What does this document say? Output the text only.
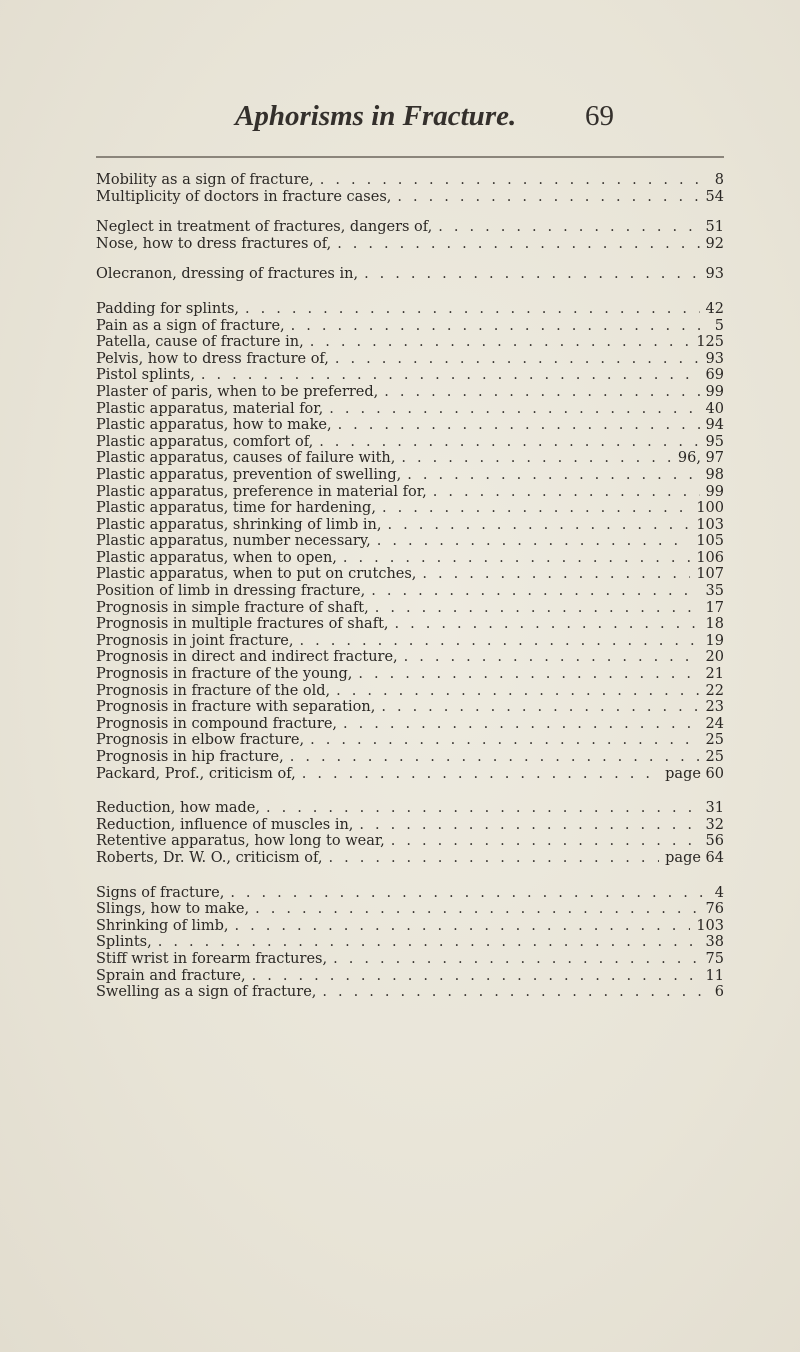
Aphorisms in Fracture. 69
Mobility as a sign of fracture, . . .	8
Multiplicity of doctors in fracture cases, . . .	54
Neglect in treatment of fractures, dangers of, . . .	51
Nose, how to dress fractures of, . . .	92
Olecranon, dressing of fractures in, . . .	93
Padding for splints, . . .	42
Pain as a sign of fracture, . . .	5
Patella, cause of fracture in, . . .	125
Pelvis, how to dress fracture of, . . .	93
Pistol splints, . . .	69
Plaster of paris, when to be preferred, . . .	99
Plastic apparatus, material for, . . .	40
Plastic apparatus, how to make, . . .	94
Plastic apparatus, comfort of, . . .	95
Plastic apparatus, causes of failure with, . . .	96, 97
Plastic apparatus, prevention of swelling, . . .	98
Plastic apparatus, preference in material for, . . .	99
Plastic apparatus, time for hardening, . . .	100
Plastic apparatus, shrinking of limb in, . . .	103
Plastic apparatus, number necessary, . . .	105
Plastic apparatus, when to open, . . .	106
Plastic apparatus, when to put on crutches, . . .	107
Position of limb in dressing fracture, . . .	35
Prognosis in simple fracture of shaft, . . .	17
Prognosis in multiple fractures of shaft, . . .	18
Prognosis in joint fracture, . . .	19
Prognosis in direct and indirect fracture, . . .	20
Prognosis in fracture of the young, . . .	21
Prognosis in fracture of the old, . . .	22
Prognosis in fracture with separation, . . .	23
Prognosis in compound fracture, . . .	24
Prognosis in elbow fracture, . . .	25
Prognosis in hip fracture, . . .	25
Packard, Prof., criticism of, . . .	page 60
Reduction, how made, . . .	31
Reduction, influence of muscles in, . . .	32
Retentive apparatus, how long to wear, . . .	56
Roberts, Dr. W. O., criticism of, . . .	page 64
Signs of fracture, . . .	4
Slings, how to make, . . .	76
Shrinking of limb, . . .	103
Splints, . . .	38
Stiff wrist in forearm fractures, . . .	75
Sprain and fracture, . . .	11
Swelling as a sign of fracture, . . .	6
